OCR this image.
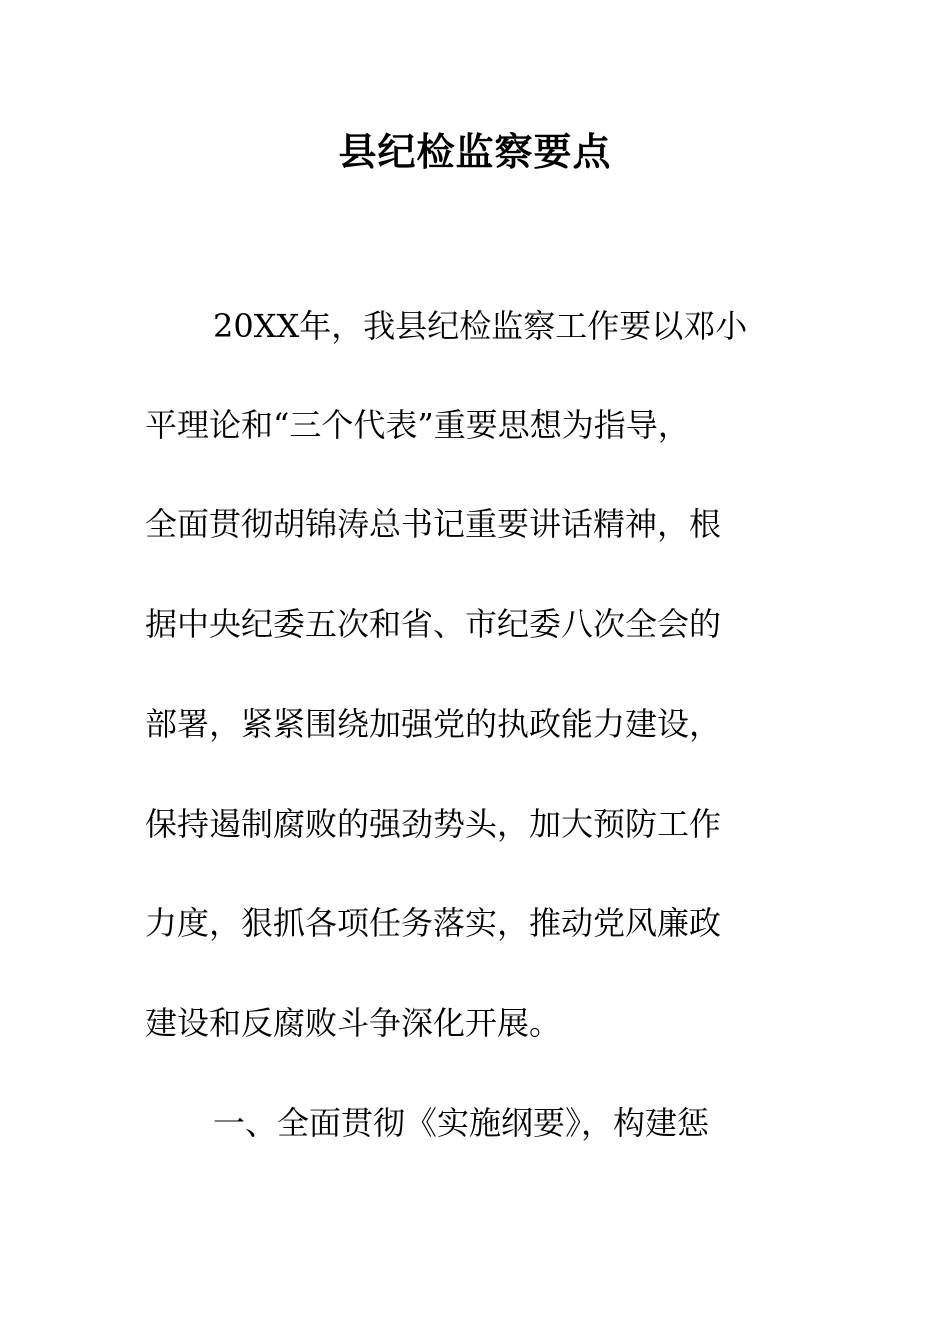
县纪检监察要点

20XX年，我县纪检监察工作要以邓小

平理论和“三个代表”重要思想为指导，

全面贯彻胡锦涛总书记重要讲话精神，根

据中央纪委五次和省、市纪委八次全会的

部署，紧紧围绕加强党的执政能力建设，

保持遏制腐败的强劲势头，加大预防工作

力度，狠抓各项任务落实，推动党风廉政

建设和反腐败斗争深化开展。

一、全面贯彻《实施纲要》，构建惩
